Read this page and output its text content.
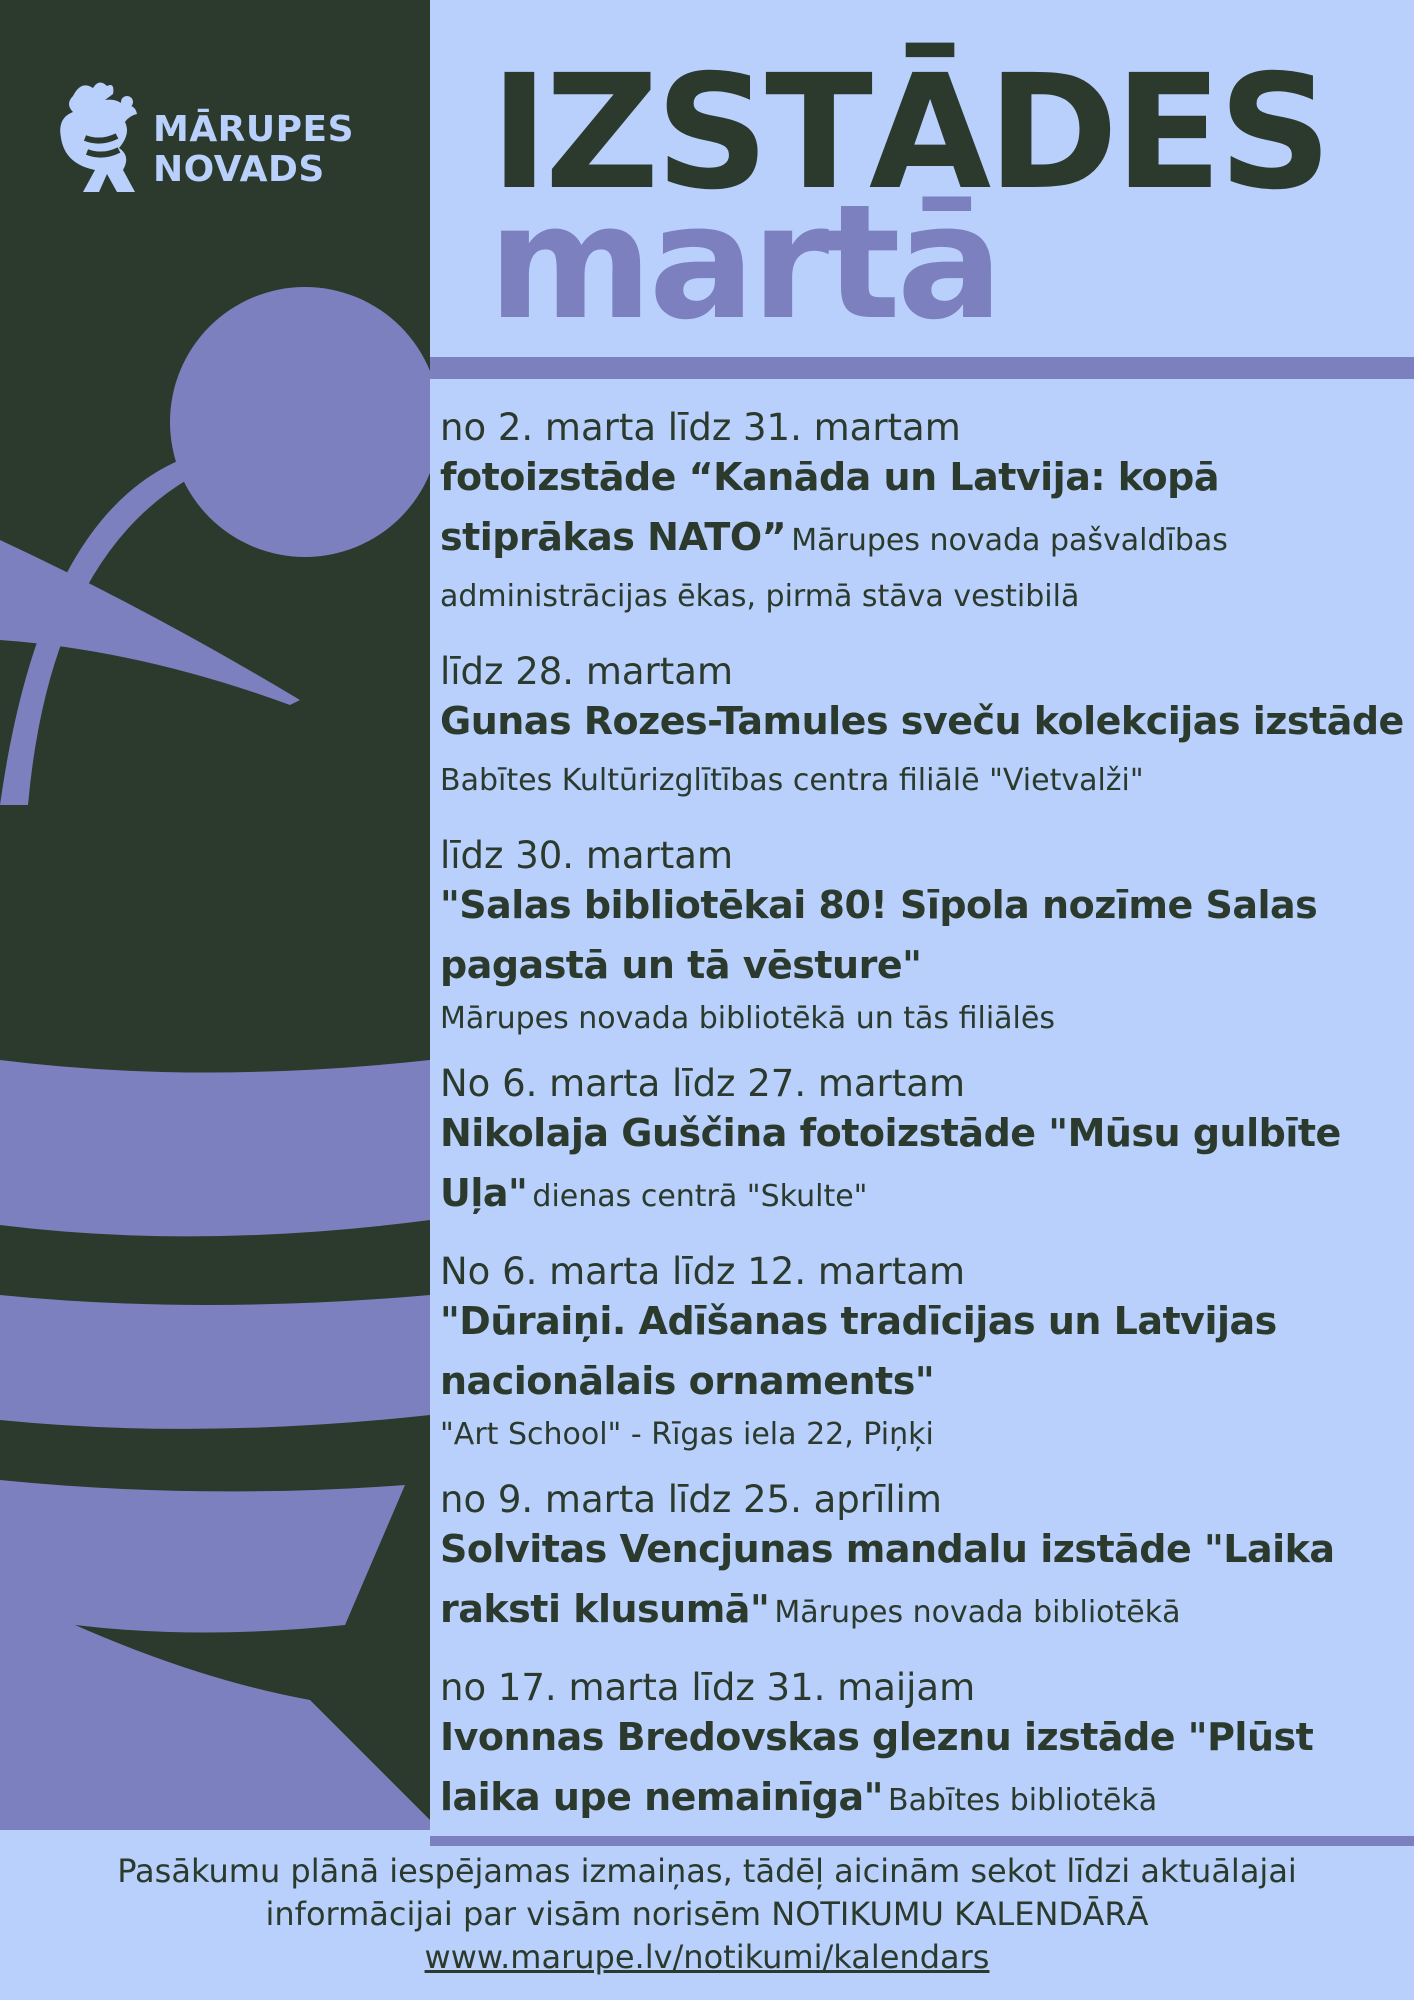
MĀRUPES
NOVADS IZSTĀDES
martā
no 2. marta līdz 31. martam
fotoizstāde “Kanāda un Latvija: kopā stiprākas NATO” Mārupes novada pašvaldības administrācijas ēkas, pirmā stāva vestibilā
līdz 28. martam
Gunas Rozes-Tamules sveču kolekcijas izstāde Babītes Kultūrizglītības centra filiālē "Vietvalži"
līdz 30. martam
"Salas bibliotēkai 80! Sīpola nozīme Salas pagastā un tā vēsture"
Mārupes novada bibliotēkā un tās filiālēs
No 6. marta līdz 27. martam
Nikolaja Guščina fotoizstāde "Mūsu gulbīte Uļa" dienas centrā "Skulte"
No 6. marta līdz 12. martam
"Dūraiņi. Adīšanas tradīcijas un Latvijas nacionālais ornaments"
"Art School" - Rīgas iela 22, Piņķi
no 9. marta līdz 25. aprīlim
Solvitas Vencjunas mandalu izstāde "Laika raksti klusumā" Mārupes novada bibliotēkā
no 17. marta līdz 31. maijam
Ivonnas Bredovskas gleznu izstāde "Plūst laika upe nemainīga" Babītes bibliotēkā
Pasākumu plānā iespējamas izmaiņas, tādēļ aicinām sekot līdzi aktuālajai
informācijai par visām norisēm NOTIKUMU KALENDĀRĀ
www.marupe.lv/notikumi/kalendars
